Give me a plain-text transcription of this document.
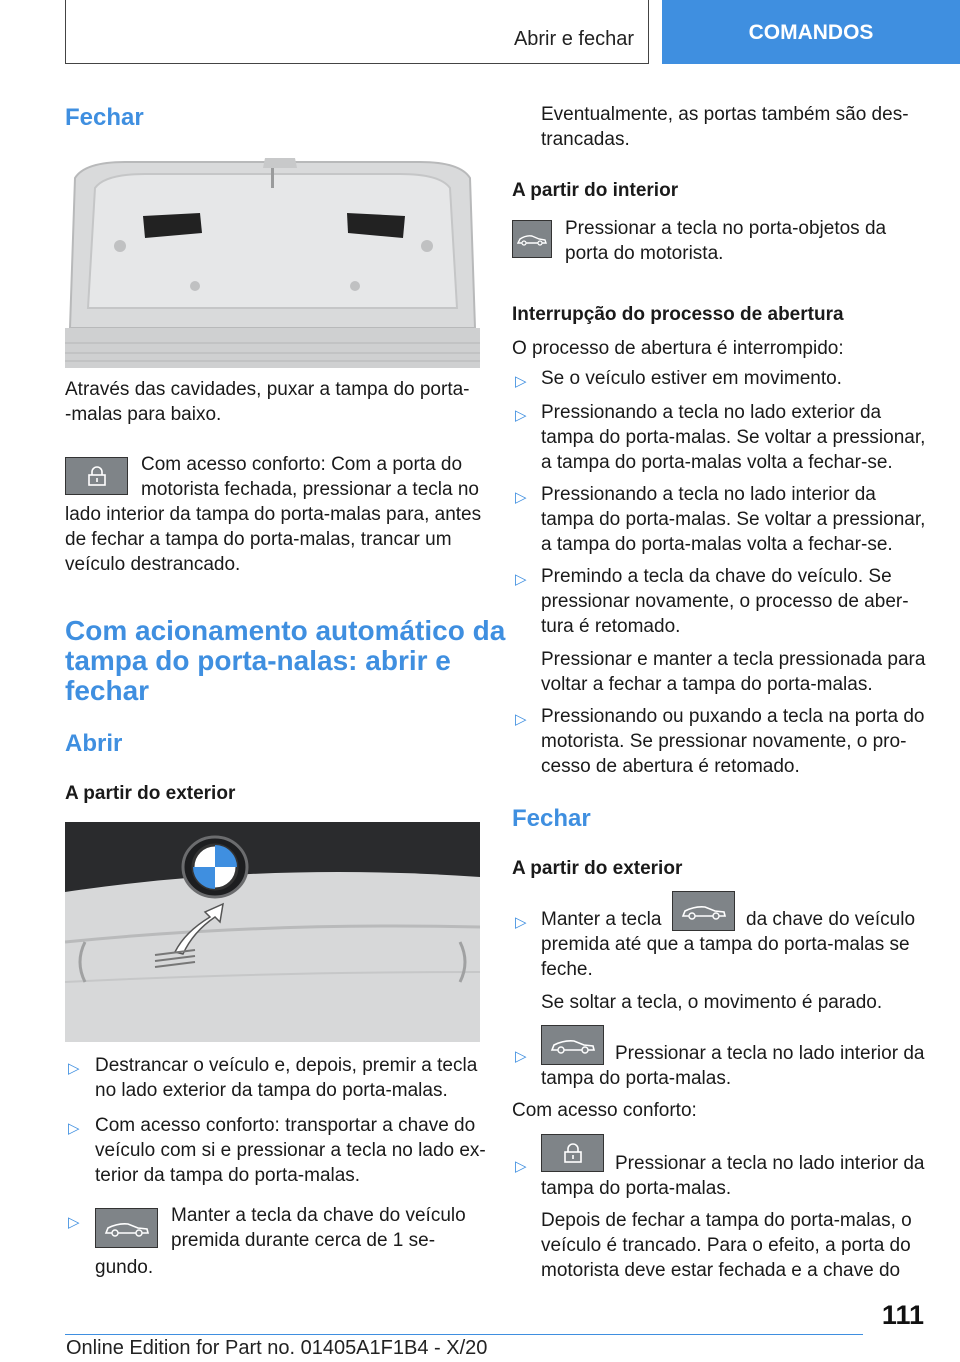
Abrir e fechar	COMANDOS
Fechar

Através das cavidades, puxar a tampa do porta-

-malas para baixo.

Com acesso conforto: Com a porta do

motorista fechada, pressionar a tecla no

lado interior da tampa do porta-malas para, antes

de fechar a tampa do porta-malas, trancar um

veículo destrancado.

Com acionamento automático da
tampa do porta-nalas: abrir e
fechar
Abrir
A partir do exterior
▷ Destrancar o veículo e, depois, premir a tecla

no lado exterior da tampa do porta-malas.

▷ Com acesso conforto: transportar a chave do

veículo com si e pressionar a tecla no lado ex-

terior da tampa do porta-malas.

▷	Manter a tecla da chave do veículo

premida durante cerca de 1 se-

gundo.

Eventualmente, as portas também são des-

trancadas.

A partir do interior

Pressionar a tecla no porta-objetos da

porta do motorista.

Interrupção do processo de abertura

O processo de abertura é interrompido:

▷ Se o veículo estiver em movimento.

▷ Pressionando a tecla no lado exterior da

tampa do porta-malas. Se voltar a pressionar,

a tampa do porta-malas volta a fechar-se.

▷ Pressionando a tecla no lado interior da

tampa do porta-malas. Se voltar a pressionar,

a tampa do porta-malas volta a fechar-se.

▷ Premindo a tecla da chave do veículo. Se

pressionar novamente, o processo de aber-

tura é retomado.

Pressionar e manter a tecla pressionada para

voltar a fechar a tampa do porta-malas.

▷ Pressionando ou puxando a tecla na porta do

motorista. Se pressionar novamente, o pro-

cesso de abertura é retomado.

Fechar
A partir do exterior
▷ Manter a tecla	da chave do veículo

premida até que a tampa do porta-malas se

feche.

Se soltar a tecla, o movimento é parado.

▷	Pressionar a tecla no lado interior da

tampa do porta-malas.

Com acesso conforto:

▷	Pressionar a tecla no lado interior da

tampa do porta-malas.

Depois de fechar a tampa do porta-malas, o

veículo é trancado. Para o efeito, a porta do

motorista deve estar fechada e a chave do

111
Online Edition for Part no. 01405A1F1B4 - X/20
